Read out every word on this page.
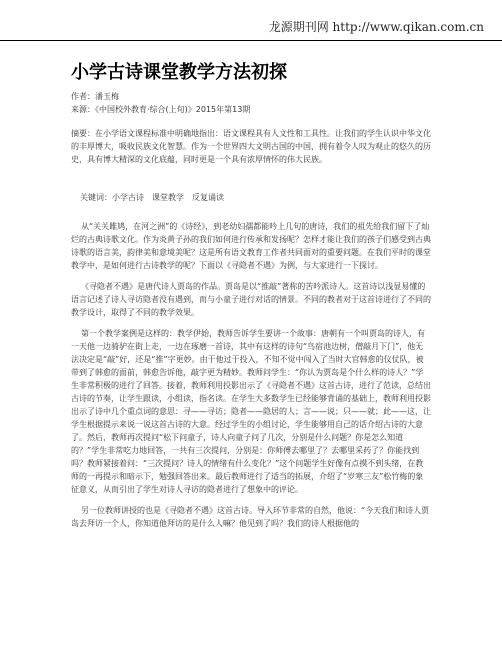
龙源期刊网 http://www.qikan.com.cn
小学古诗课堂教学方法初探
作者：潘玉梅
来源：《中国校外教育·综合(上旬)》2015年第13期
摘要：在小学语文课程标准中明确地指出：语文课程具有人文性和工具性。让我们的学生认识中华文化的丰厚博大，吸收民族文化智慧。作为一个世界四大文明古国的中国，拥有着令人叹为观止的悠久的历史，具有博大精深的文化底蕴，同时更是一个具有浓厚情怀的伟大民族。
关键词：小学古诗　课堂教学　反复诵读

从“关关雎鸠，在河之洲”的《诗经》，到老幼妇孺都能吟上几句的唐诗，我们的祖先给我们留下了灿烂的古典诗歌文化。作为炎黄子孙的我们如何进行传承和发扬呢？怎样才能让我们的孩子们感受到古典诗歌的语言美，韵律美和意境美呢？这是所有语文教育工作者共同面对的重要问题。在我们平时的课堂教学中，是如何进行古诗教学的呢？下面以《寻隐者不遇》为例，与大家进行一下探讨。

《寻隐者不遇》是唐代诗人贾岛的作品。贾岛是以“推敲”著称的苦吟派诗人。这首诗以浅显易懂的语言记述了诗人寻访隐者没有遇到，而与小童子进行对话的情景。不同的教者对于这首诗进行了不同的教学设计，取得了不同的教学效果。

第一个教学案例是这样的：教学伊始，教师告诉学生要讲一个故事：唐朝有一个叫贾岛的诗人，有一天他一边骑驴在街上走，一边在琢磨一首诗，其中有这样的诗句“鸟宿池边树，僧敲月下门”，他无法决定是“敲”好，还是“推”字更妙。由于他过于投入，不知不觉中闯入了当时大官韩愈的仪仗队，被带到了韩愈的面前，韩愈告诉他，敲字更为精妙。教师问学生：“你认为贾岛是个什么样的诗人？”学生非常积极的进行了回答。接着，教师利用投影出示了《寻隐者不遇》这首古诗，进行了范读，总结出古诗的节奏，让学生跟读，小组读，指名读。在学生大多数学生已经能够背诵的基础上，教师利用投影出示了诗中几个重点词的意思：寻——寻访；隐者——隐居的人；言——说；只——就；此——这，让学生根据提示来说一说这首古诗的大意。经过学生的小组讨论，学生能够用自己的话介绍古诗的大意了。然后，教师再次提问“松下问童子，诗人向童子问了几次，分别是什么问题？你是怎么知道的？”学生非常吃力地回答，一共有三次提问，分别是：你师傅去哪里了？去哪里采药了？你能找到吗？教师紧接着问：“三次提问？诗人的情绪有什么变化？”这个问题学生好像有点摸不到头绪，在教师的一再提示和暗示下，勉强回答出来。最后教师进行了适当的拓展，介绍了“岁寒三友”松竹梅的象征意义，从而引出了学生对诗人寻访的隐者进行了想象中的评论。

另一位教师讲授的也是《寻隐者不遇》这首古诗。导入环节非常的自然，他说：“今天我们和诗人贾岛去拜访一个人，你知道他拜访的是什么人嘛？他见到了吗？我们的诗人根据他的
